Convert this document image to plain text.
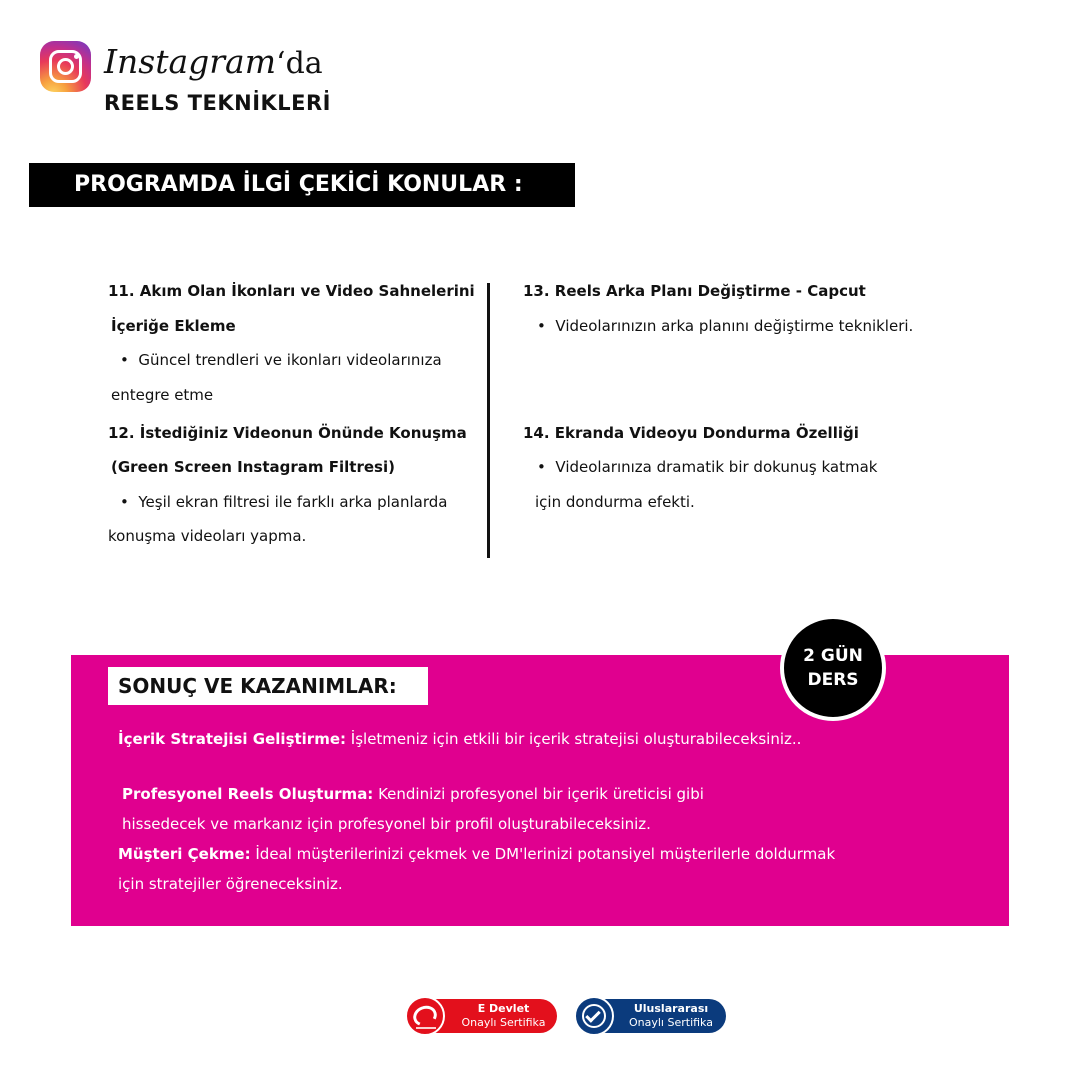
Instagram‘da
REELS TEKNİKLERİ
PROGRAMDA İLGİ ÇEKİCİ KONULAR :
11. Akım Olan İkonları ve Video Sahnelerini
İçeriğe Ekleme
•  Güncel trendleri ve ikonları videolarınıza
entegre etme
12. İstediğiniz Videonun Önünde Konuşma
(Green Screen Instagram Filtresi)
•  Yeşil ekran filtresi ile farklı arka planlarda
konuşma videoları yapma.
13. Reels Arka Planı Değiştirme - Capcut
•  Videolarınızın arka planını değiştirme teknikleri.
14. Ekranda Videoyu Dondurma Özelliği
•  Videolarınıza dramatik bir dokunuş katmak
için dondurma efekti.
SONUÇ VE KAZANIMLAR:
İçerik Stratejisi Geliştirme: İşletmeniz için etkili bir içerik stratejisi oluşturabileceksiniz..
Profesyonel Reels Oluşturma: Kendinizi profesyonel bir içerik üreticisi gibi
hissedecek ve markanız için profesyonel bir profil oluşturabileceksiniz.
Müşteri Çekme: İdeal müşterilerinizi çekmek ve DM'lerinizi potansiyel müşterilerle doldurmak
için stratejiler öğreneceksiniz.
2 GÜN
DERS
E Devlet
Onaylı Sertifika
Uluslararası
Onaylı Sertifika
